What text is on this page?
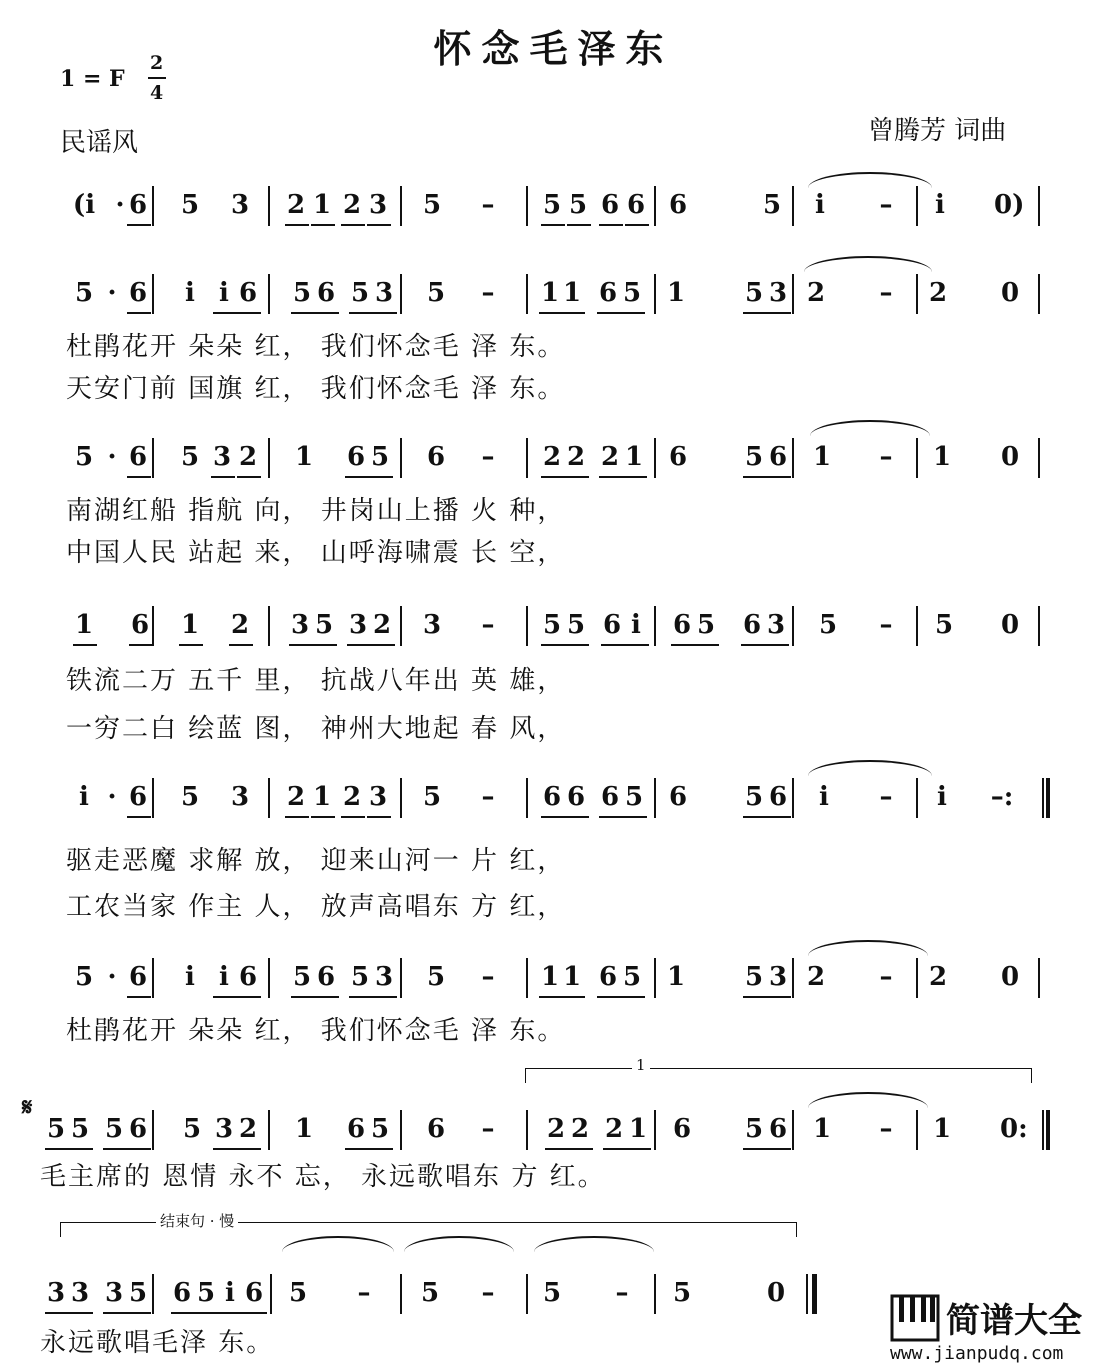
怀念毛泽东
1 = F
2
4
民谣风	曾腾芳 词曲
(i · 6 5 3 2 1 2 3 5 – 5 5 6 6 6	5 i – i 0)
5 · 6 i i 6 5 6 5 3 5 – 1 1 6 5 1 5 3 2 – 2 0
5 · 6 5 3 2 1 6 5 6 – 2 2 2 1 6 5 6 1 – 1 0
1 6 1 2 3 5 3 2 3 – 5 5 6 i 6 5 6 3 5 – 5 0
i · 6 5 3 2 1 2 3 5 – 6 6 6 5 6 5 6 i – i –:
5 · 6 i i 6 5 6 5 3 5 – 1 1 6 5 1 5 3 2 – 2 0
5 5 5 6 5 3 2 1 6 5 6 – 2 2 2 1 6 5 6 1 – 1 0:
3 3 3 5 6 5 i 6 5 – 5 – 5 – 5	0
杜鹃花开 朵朵 红， 我们怀念毛 泽 东。
天安门前 国旗 红， 我们怀念毛 泽 东。
南湖红船 指航 向， 井岗山上播 火 种，
中国人民 站起 来， 山呼海啸震 长 空，
铁流二万 五千 里， 抗战八年出 英 雄，
一穷二白 绘蓝 图， 神州大地起 春 风，
驱走恶魔 求解 放， 迎来山河一 片 红，
工农当家 作主 人， 放声高唱东 方 红，
杜鹃花开 朵朵 红， 我们怀念毛 泽 东。
毛主席的 恩情 永不 忘， 永远歌唱东 方 红。
永远歌唱毛泽 东。
𝄋
1
结束句 · 慢
简谱大全
www.jianpudq.com
